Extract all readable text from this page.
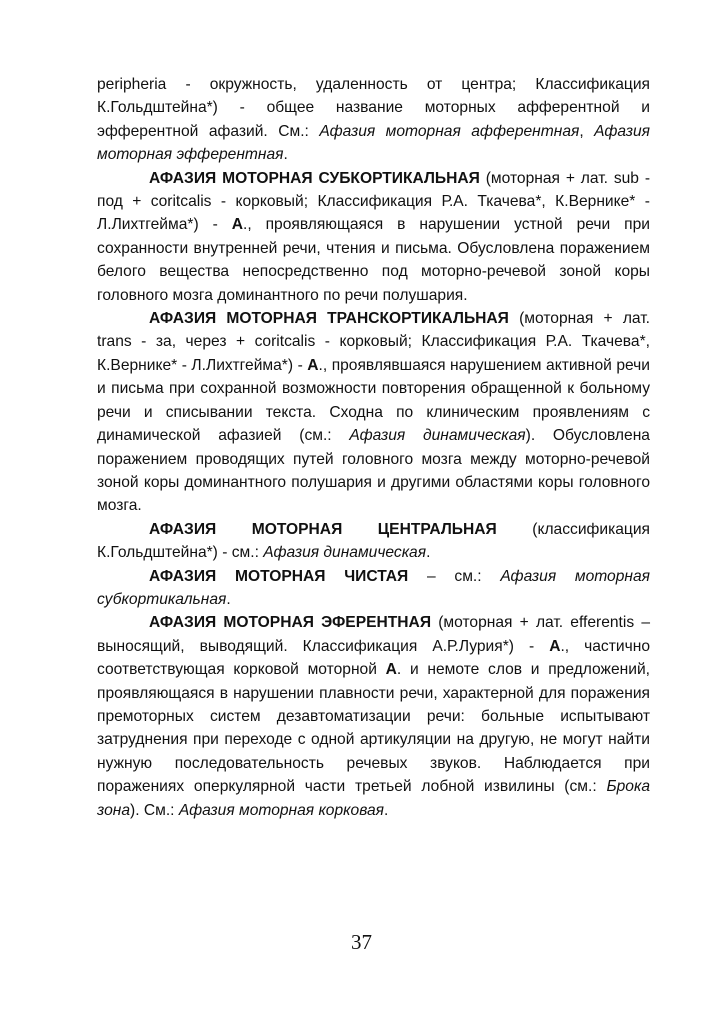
peripheria - окружность, удаленность от центра; Классификация К.Гольдштейна*) - общее название моторных афферентной и эфферентной афазий. См.: Афазия моторная афферентная, Афазия моторная эфферентная.

АФАЗИЯ МОТОРНАЯ СУБКОРТИКАЛЬНАЯ (моторная + лат. sub - под + coritcalis - корковый; Классификация Р.А. Ткачева*, К.Вернике* - Л.Лихтгейма*) - А., проявляющаяся в нарушении устной речи при сохранности внутренней речи, чтения и письма. Обусловлена поражением белого вещества непосредственно под моторно-речевой зоной коры головного мозга доминантного по речи полушария.

АФАЗИЯ МОТОРНАЯ ТРАНСКОРТИКАЛЬНАЯ (моторная + лат. trans - за, через + coritcalis - корковый; Классификация Р.А. Ткачева*, К.Вернике* - Л.Лихтгейма*) - А., проявлявшаяся нарушением активной речи и письма при сохранной возможности повторения обращенной к больному речи и списывании текста. Сходна по клиническим проявлениям с динамической афазией (см.: Афазия динамическая). Обусловлена поражением проводящих путей головного мозга между моторно-речевой зоной коры доминантного полушария и другими областями коры головного мозга.

АФАЗИЯ МОТОРНАЯ ЦЕНТРАЛЬНАЯ (классификация К.Гольдштейна*) - см.: Афазия динамическая.

АФАЗИЯ МОТОРНАЯ ЧИСТАЯ – см.: Афазия моторная субкортикальная.

АФАЗИЯ МОТОРНАЯ ЭФЕРЕНТНАЯ (моторная + лат. efferentis – выносящий, выводящий. Классификация А.Р.Лурия*) - А., частично соответствующая корковой моторной А. и немоте слов и предложений, проявляющаяся в нарушении плавности речи, характерной для поражения премоторных систем дезавтоматизации речи: больные испытывают затруднения при переходе с одной артикуляции на другую, не могут найти нужную последовательность речевых звуков. Наблюдается при поражениях оперкулярной части третьей лобной извилины (см.: Брока зона). См.: Афазия моторная корковая.

37
